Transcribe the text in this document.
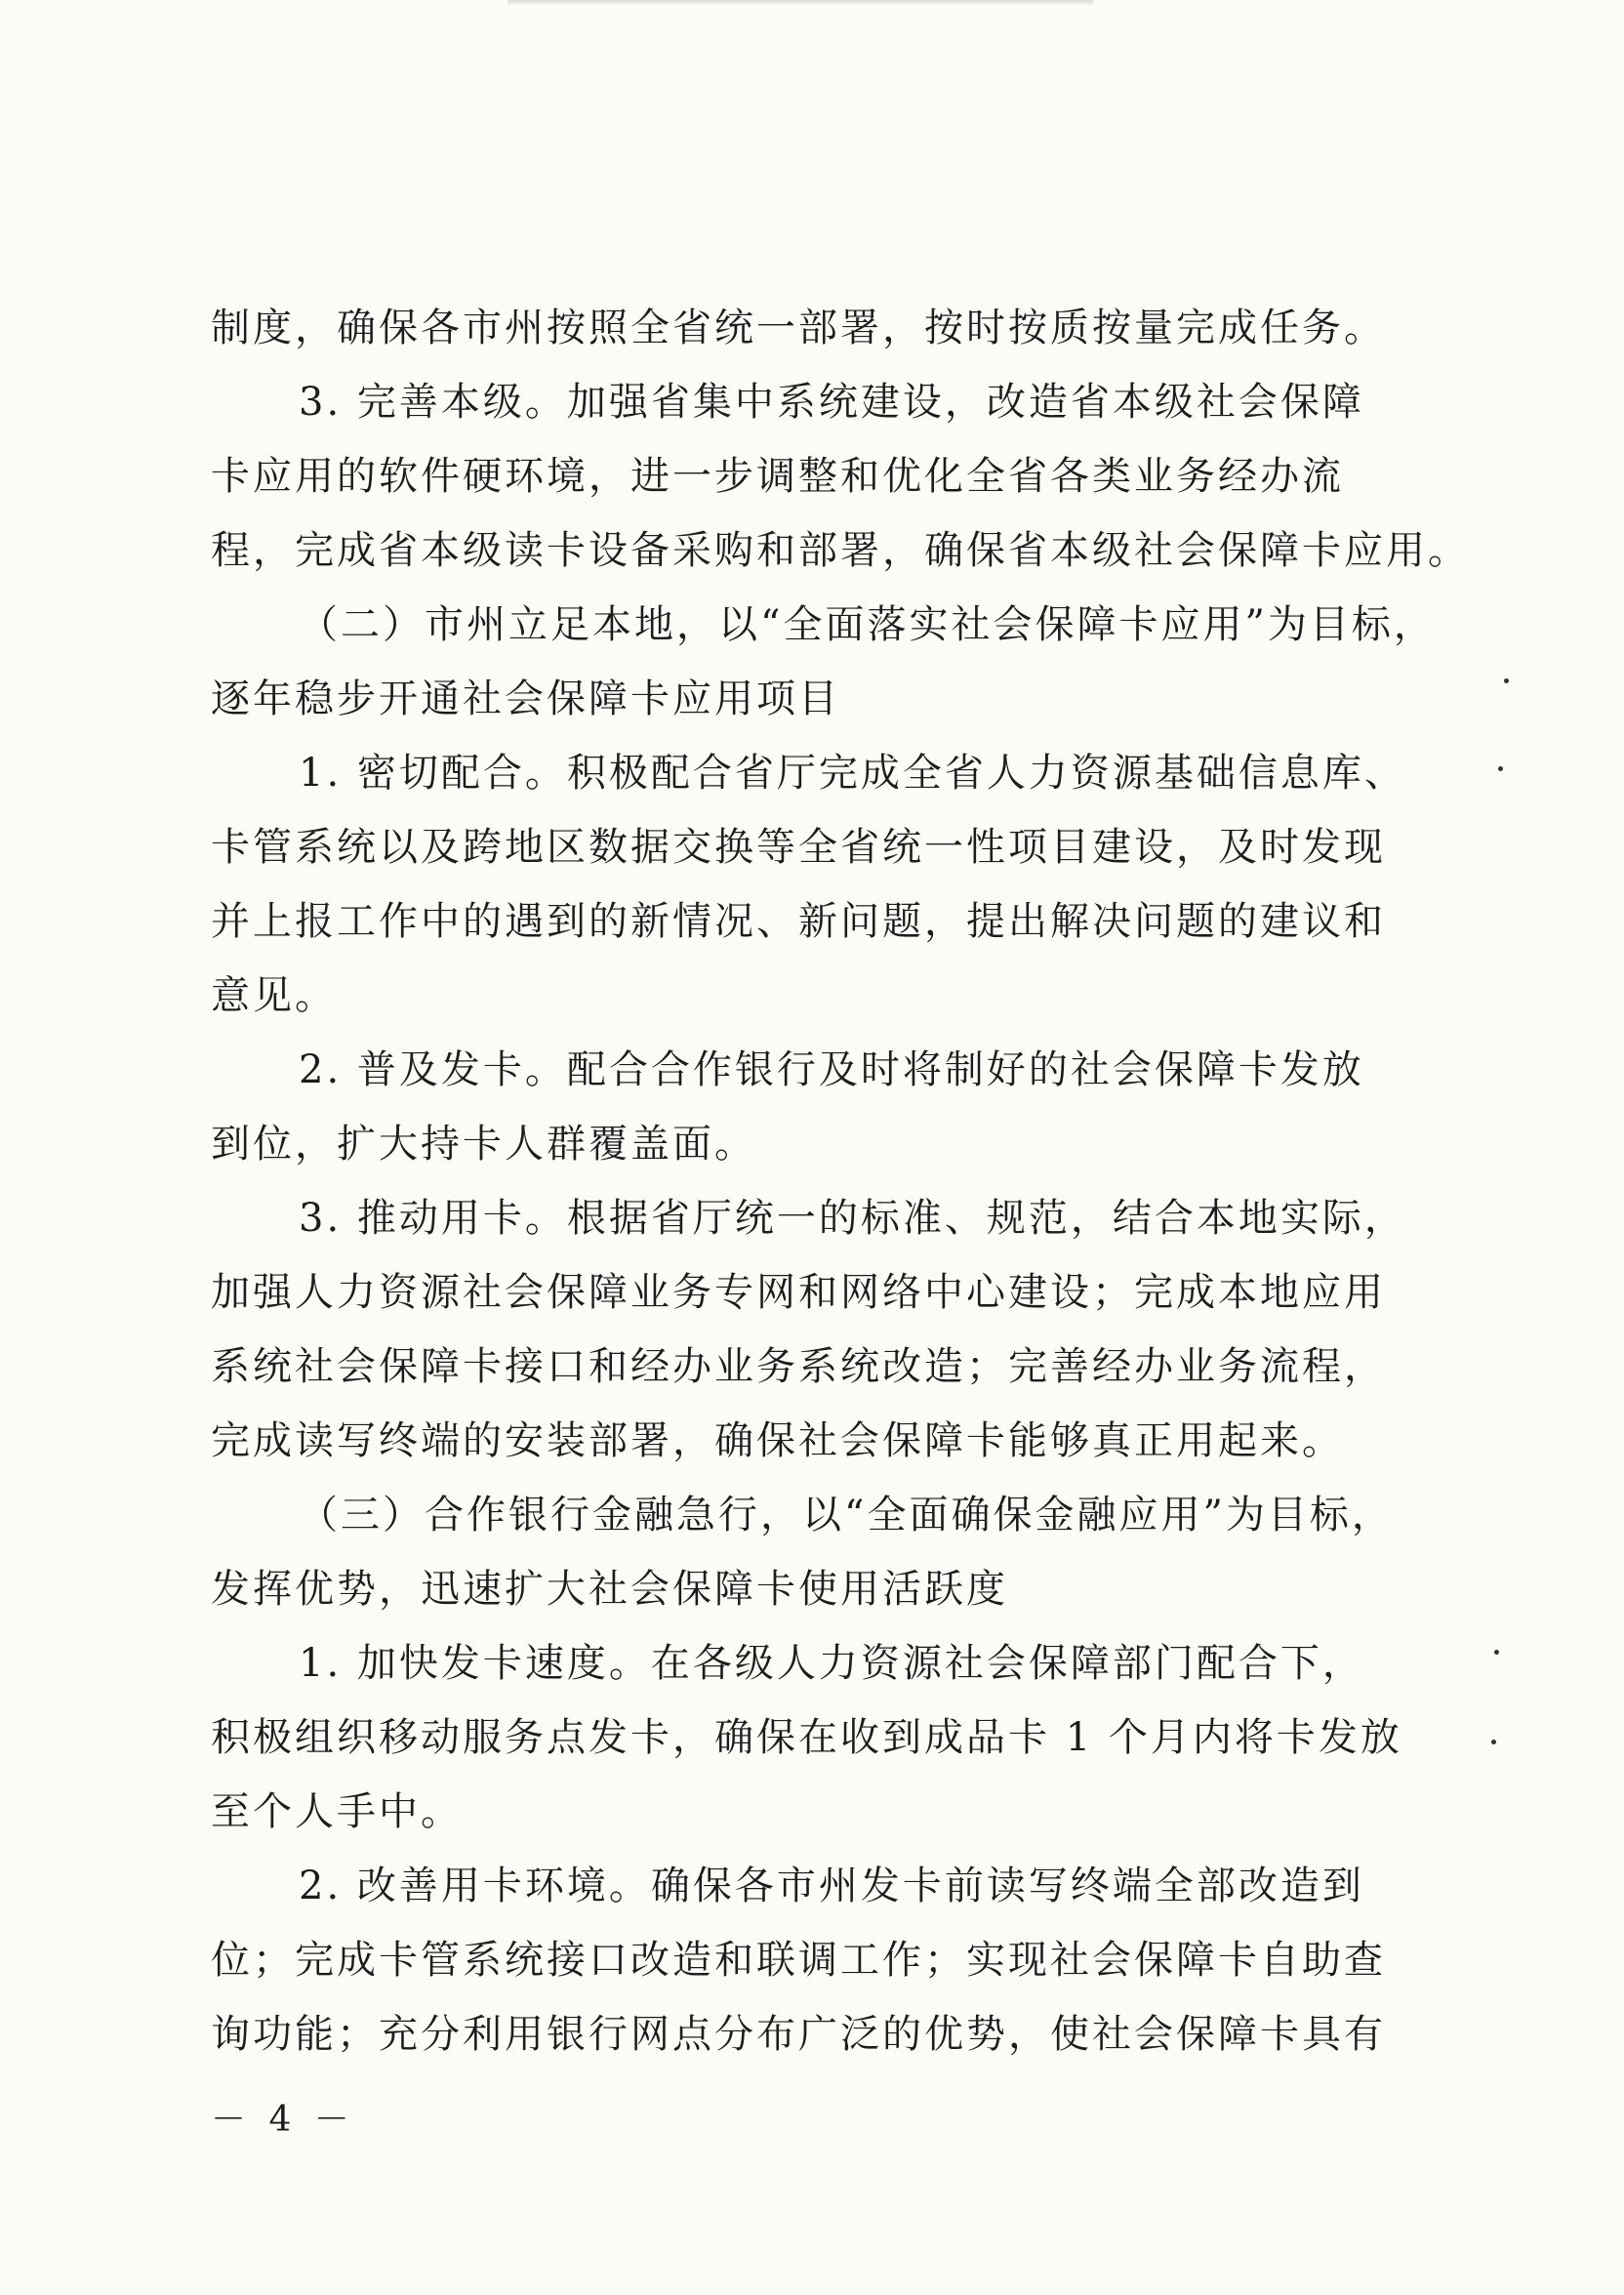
制度，确保各市州按照全省统一部署，按时按质按量完成任务。
3. 完善本级。加强省集中系统建设，改造省本级社会保障
卡应用的软件硬环境，进一步调整和优化全省各类业务经办流
程，完成省本级读卡设备采购和部署，确保省本级社会保障卡应用。
（二）市州立足本地，以“全面落实社会保障卡应用”为目标，
逐年稳步开通社会保障卡应用项目
1. 密切配合。积极配合省厅完成全省人力资源基础信息库、
卡管系统以及跨地区数据交换等全省统一性项目建设，及时发现
并上报工作中的遇到的新情况、新问题，提出解决问题的建议和
意见。
2. 普及发卡。配合合作银行及时将制好的社会保障卡发放
到位，扩大持卡人群覆盖面。
3. 推动用卡。根据省厅统一的标准、规范，结合本地实际，
加强人力资源社会保障业务专网和网络中心建设；完成本地应用
系统社会保障卡接口和经办业务系统改造；完善经办业务流程，
完成读写终端的安装部署，确保社会保障卡能够真正用起来。
（三）合作银行金融急行，以“全面确保金融应用”为目标，
发挥优势，迅速扩大社会保障卡使用活跃度
1. 加快发卡速度。在各级人力资源社会保障部门配合下，
积极组织移动服务点发卡，确保在收到成品卡 1 个月内将卡发放
至个人手中。
2. 改善用卡环境。确保各市州发卡前读写终端全部改造到
位；完成卡管系统接口改造和联调工作；实现社会保障卡自助查
询功能；充分利用银行网点分布广泛的优势，使社会保障卡具有
－ 4 －
